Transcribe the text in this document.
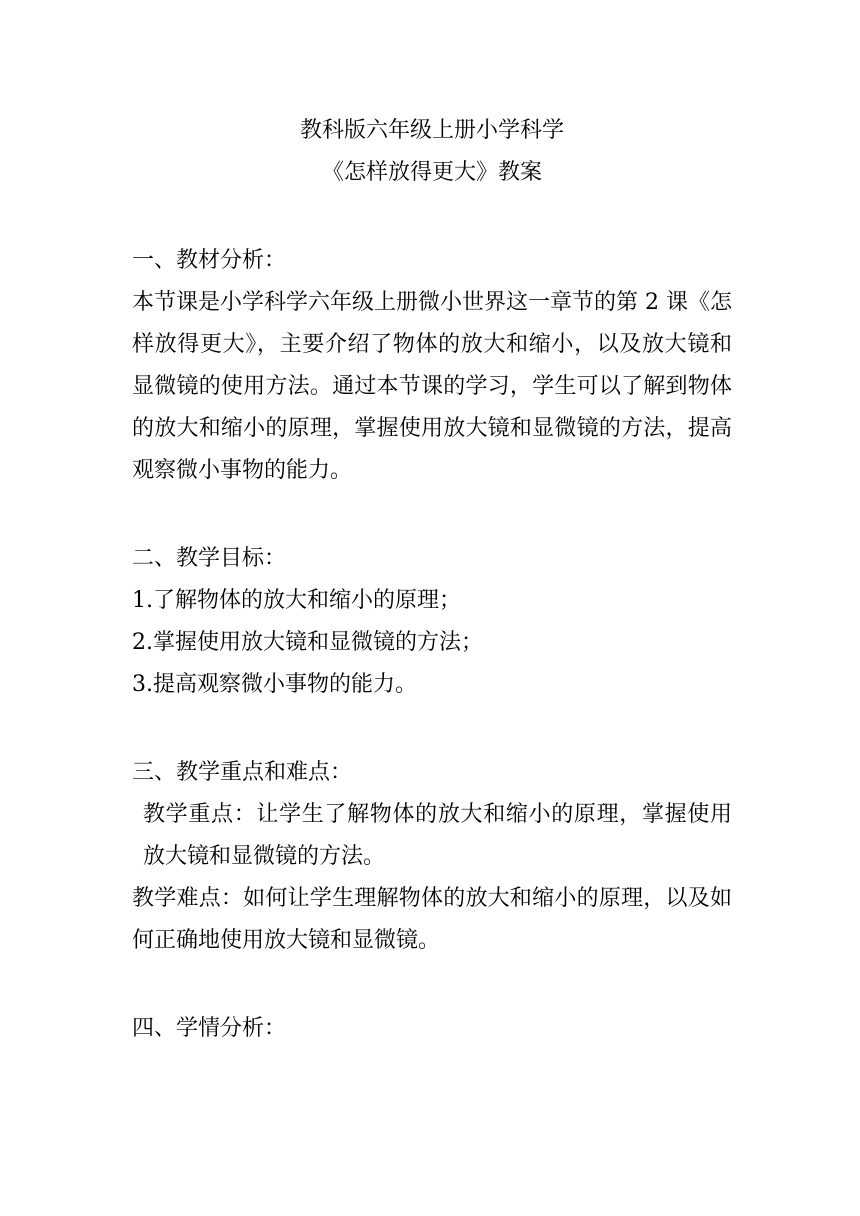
教科版六年级上册小学科学

《怎样放得更大》教案

一、教材分析：

本节课是小学科学六年级上册微小世界这一章节的第 2 课《怎样放得更大》，主要介绍了物体的放大和缩小，以及放大镜和显微镜的使用方法。通过本节课的学习，学生可以了解到物体的放大和缩小的原理，掌握使用放大镜和显微镜的方法，提高观察微小事物的能力。

二、教学目标：

1.了解物体的放大和缩小的原理；

2.掌握使用放大镜和显微镜的方法；

3.提高观察微小事物的能力。

三、教学重点和难点：

教学重点：让学生了解物体的放大和缩小的原理，掌握使用放大镜和显微镜的方法。

教学难点：如何让学生理解物体的放大和缩小的原理，以及如何正确地使用放大镜和显微镜。

四、学情分析：
